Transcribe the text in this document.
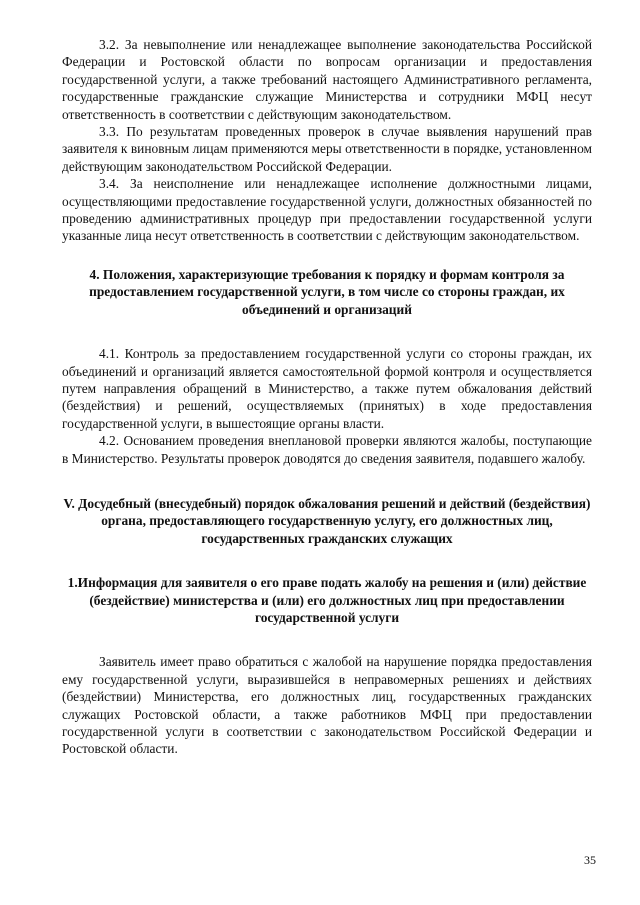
3.2. За невыполнение или ненадлежащее выполнение законодательства Российской Федерации и Ростовской области по вопросам организации и предоставления государственной услуги, а также требований настоящего Административного регламента, государственные гражданские служащие Министерства и сотрудники МФЦ несут ответственность в соответствии с действующим законодательством.

3.3. По результатам проведенных проверок в случае выявления нарушений прав заявителя к виновным лицам применяются меры ответственности в порядке, установленном действующим законодательством Российской Федерации.

3.4. За неисполнение или ненадлежащее исполнение должностными лицами, осуществляющими предоставление государственной услуги, должностных обязанностей по проведению административных процедур при предоставлении государственной услуги указанные лица несут ответственность в соответствии с действующим законодательством.

4. Положения, характеризующие требования к порядку и формам контроля за предоставлением государственной услуги, в том числе со стороны граждан, их объединений и организаций

4.1. Контроль за предоставлением государственной услуги со стороны граждан, их объединений и организаций является самостоятельной формой контроля и осуществляется путем направления обращений в Министерство, а также путем обжалования действий (бездействия) и решений, осуществляемых (принятых) в ходе предоставления государственной услуги, в вышестоящие органы власти.

4.2. Основанием проведения внеплановой проверки являются жалобы, поступающие в Министерство. Результаты проверок доводятся до сведения заявителя, подавшего жалобу.

V. Досудебный (внесудебный) порядок обжалования решений и действий (бездействия) органа, предоставляющего государственную услугу, его должностных лиц, государственных гражданских служащих

1.Информация для заявителя о его праве подать жалобу на решения и (или) действие (бездействие) министерства и (или) его должностных лиц при предоставлении государственной услуги

Заявитель имеет право обратиться с жалобой на нарушение порядка предоставления ему государственной услуги, выразившейся в неправомерных решениях и действиях (бездействии) Министерства, его должностных лиц, государственных гражданских служащих Ростовской области, а также работников МФЦ при предоставлении государственной услуги в соответствии с законодательством Российской Федерации и Ростовской области.

35
